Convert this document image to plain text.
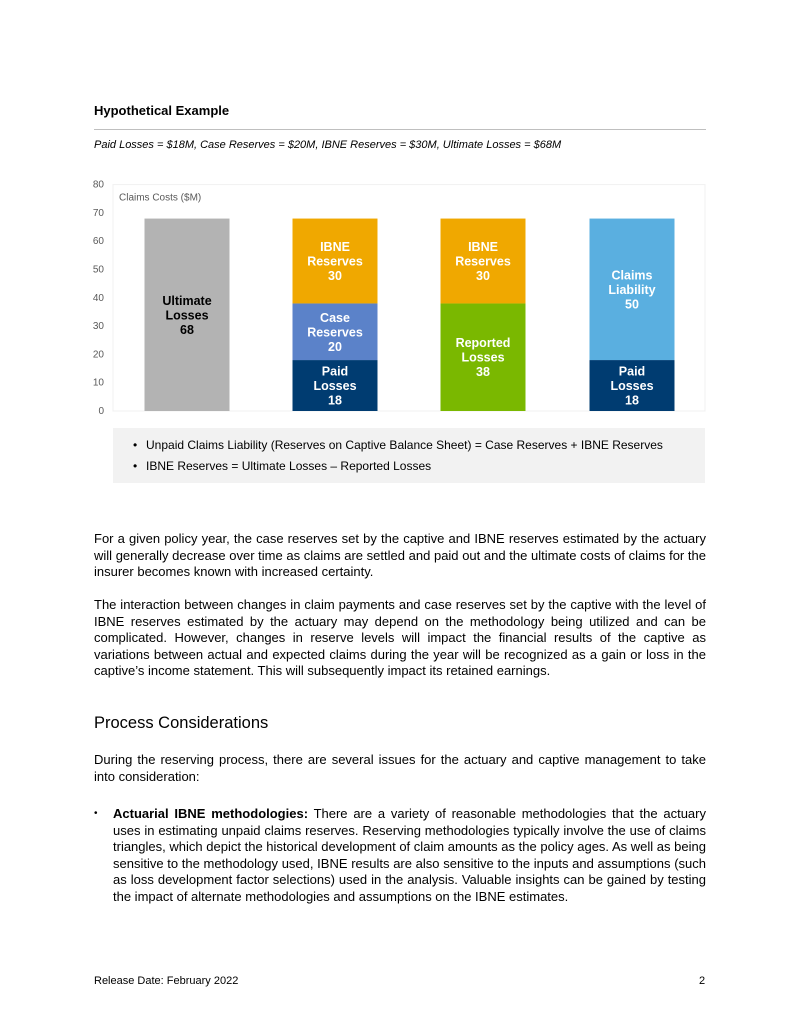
Hypothetical Example
Paid Losses = $18M, Case Reserves = $20M, IBNE Reserves = $30M, Ultimate Losses = $68M
0
10
20
30
40
50
60
70
80
Claims Costs ($M)
Ultimate
Losses
68
Paid
Losses
18
Case
Reserves
20
IBNE
Reserves
30
Reported
Losses
38
IBNE
Reserves
30
Paid
Losses
18
Claims
Liability
50
• Unpaid Claims Liability (Reserves on Captive Balance Sheet) = Case Reserves + IBNE Reserves
• IBNE Reserves = Ultimate Losses – Reported Losses
For a given policy year, the case reserves set by the captive and IBNE reserves estimated by the actuary will generally decrease over time as claims are settled and paid out and the ultimate costs of claims for the insurer becomes known with increased certainty.
The interaction between changes in claim payments and case reserves set by the captive with the level of IBNE reserves estimated by the actuary may depend on the methodology being utilized and can be complicated. However, changes in reserve levels will impact the financial results of the captive as variations between actual and expected claims during the year will be recognized as a gain or loss in the captive’s income statement. This will subsequently impact its retained earnings.
Process Considerations
During the reserving process, there are several issues for the actuary and captive management to take into consideration:
• Actuarial IBNE methodologies: There are a variety of reasonable methodologies that the actuary uses in estimating unpaid claims reserves. Reserving methodologies typically involve the use of claims triangles, which depict the historical development of claim amounts as the policy ages. As well as being sensitive to the methodology used, IBNE results are also sensitive to the inputs and assumptions (such as loss development factor selections) used in the analysis. Valuable insights can be gained by testing the impact of alternate methodologies and assumptions on the IBNE estimates.
Release Date: February 2022	2
